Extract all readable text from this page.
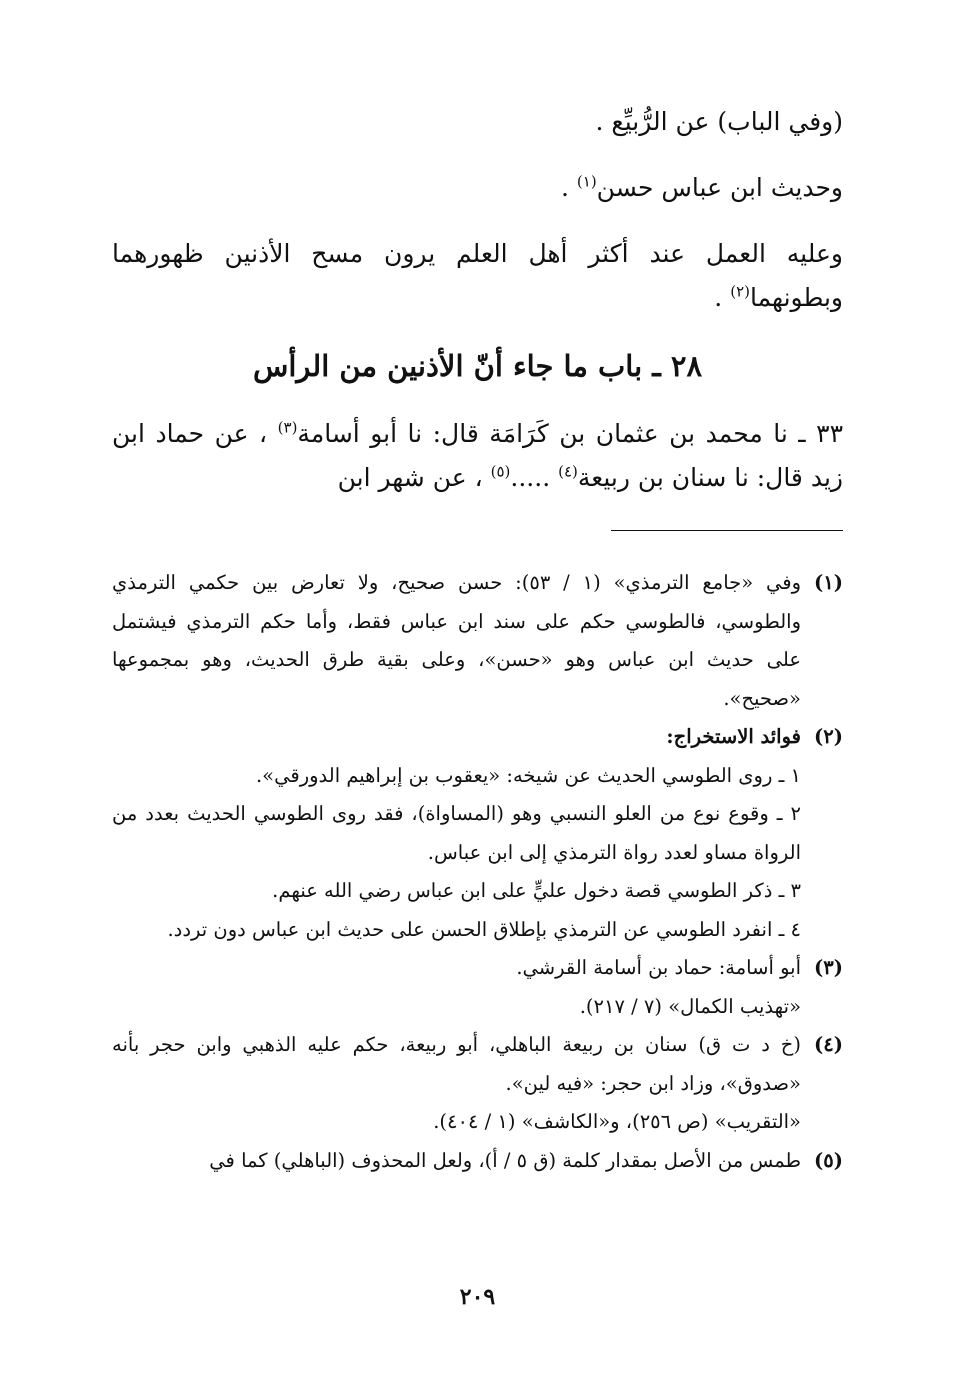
(وفي الباب) عن الرُّبيِّع .

وحديث ابن عباس حسن$^{(١)}$ .

وعليه العمل عند أكثر أهل العلم يرون مسح الأذنين ظهورهما وبطونهما$^{(٢)}$ .

٢٨ ـ باب ما جاء أنّ الأذنين من الرأس

٣٣ ـ نا محمد بن عثمان بن كَرَامَة قال: نا أبو أسامة$^{(٣)}$ ، عن حماد ابن زيد قال: نا سنان بن ربيعة$^{(٤)}$ .....$^{(٥)}$ ، عن شهر ابن

(١)
وفي «جامع الترمذي» (١ / ٥٣): حسن صحيح، ولا تعارض بين حكمي الترمذي والطوسي، فالطوسي حكم على سند ابن عباس فقط، وأما حكم الترمذي فيشتمل على حديث ابن عباس وهو «حسن»، وعلى بقية طرق الحديث، وهو بمجموعها «صحيح».

(٢)
فوائد الاستخراج:

١ ـ روى الطوسي الحديث عن شيخه: «يعقوب بن إبراهيم الدورقي».

٢ ـ وقوع نوع من العلو النسبي وهو (المساواة)، فقد روى الطوسي الحديث بعدد من الرواة مساو لعدد رواة الترمذي إلى ابن عباس.

٣ ـ ذكر الطوسي قصة دخول عليٍّ على ابن عباس رضي الله عنهم.

٤ ـ انفرد الطوسي عن الترمذي بإطلاق الحسن على حديث ابن عباس دون تردد.

(٣)
أبو أسامة: حماد بن أسامة القرشي.

«تهذيب الكمال» (٧ / ٢١٧).

(٤)
(خ د ت ق) سنان بن ربيعة الباهلي، أبو ربيعة، حكم عليه الذهبي وابن حجر بأنه «صدوق»، وزاد ابن حجر: «فيه لين».

«التقريب» (ص ٢٥٦)، و«الكاشف» (١ / ٤٠٤).

(٥)
طمس من الأصل بمقدار كلمة (ق ٥ / أ)، ولعل المحذوف (الباهلي) كما في

٢٠٩
